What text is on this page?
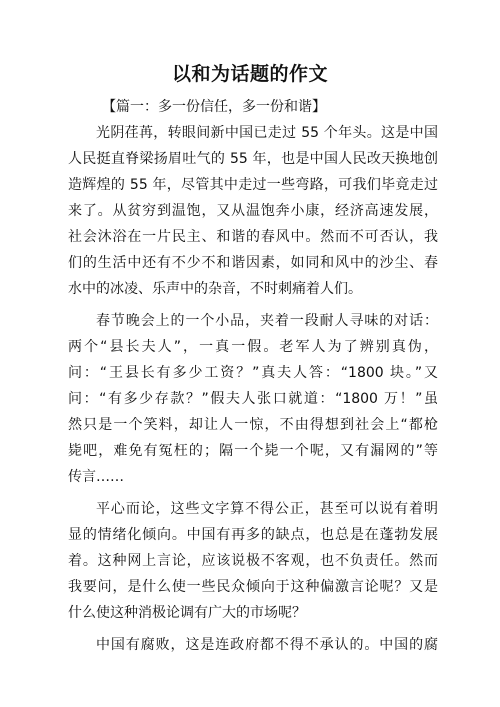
以和为话题的作文
【篇一：多一份信任，多一份和谐】
光阴荏苒，转眼间新中国已走过 55 个年头。这是中国
人民挺直脊梁扬眉吐气的 55 年，也是中国人民改天换地创
造辉煌的 55 年，尽管其中走过一些弯路，可我们毕竟走过
来了。从贫穷到温饱，又从温饱奔小康，经济高速发展，
社会沐浴在一片民主、和谐的春风中。然而不可否认，我
们的生活中还有不少不和谐因素，如同和风中的沙尘、春
水中的冰凌、乐声中的杂音，不时刺痛着人们。
春节晚会上的一个小品，夹着一段耐人寻味的对话：
两个“县长夫人”，一真一假。老军人为了辨别真伪，
问：“王县长有多少工资？”真夫人答：“1800 块。”又
问：“有多少存款？”假夫人张口就道：“1800 万！”虽
然只是一个笑料，却让人一惊，不由得想到社会上“都枪
毙吧，难免有冤枉的；隔一个毙一个呢，又有漏网的”等
传言……
平心而论，这些文字算不得公正，甚至可以说有着明
显的情绪化倾向。中国有再多的缺点，也总是在蓬勃发展
着。这种网上言论，应该说极不客观，也不负责任。然而
我要问，是什么使一些民众倾向于这种偏激言论呢？又是
什么使这种消极论调有广大的市场呢？
中国有腐败，这是连政府都不得不承认的。中国的腐
